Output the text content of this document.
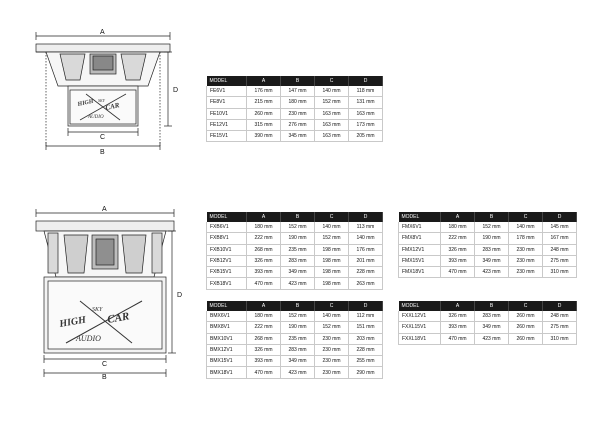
A
D
C
B
HIGH SKY
CAR
AUDIO
A
D
C
B
HIGH
SKY
CAR
AUDIO
MODEL	A	B	C	D
FE6V1	176 mm	147 mm	140 mm	118 mm
FE8V1	215 mm	180 mm	152 mm	131 mm
FE10V1	260 mm	230 mm	163 mm	163 mm
FE12V1	315 mm	276 mm	163 mm	173 mm
FE15V1	390 mm	345 mm	163 mm	205 mm
MODEL	A	B	C	D
FXB6V1	180 mm	152 mm	140 mm	113 mm
FXB8V1	222 mm	190 mm	152 mm	140 mm
FXB10V1	268 mm	235 mm	198 mm	176 mm
FXB12V1	326 mm	283 mm	198 mm	201 mm
FXB15V1	393 mm	349 mm	198 mm	228 mm
FXB18V1	470 mm	423 mm	198 mm	263 mm
MODEL	A	B	C	D
FMX6V1	180 mm	152 mm	140 mm	145 mm
FMX8V1	222 mm	190 mm	178 mm	167 mm
FMX12V1	326 mm	283 mm	230 mm	248 mm
FMX15V1	393 mm	349 mm	230 mm	275 mm
FMX18V1	470 mm	423 mm	230 mm	310 mm
MODEL	A	B	C	D
BMX6V1	180 mm	152 mm	140 mm	112 mm
BMX8V1	222 mm	190 mm	152 mm	151 mm
BMX10V1	268 mm	235 mm	230 mm	203 mm
BMX12V1	326 mm	283 mm	230 mm	228 mm
BMX15V1	393 mm	349 mm	230 mm	255 mm
BMX18V1	470 mm	423 mm	230 mm	290 mm
MODEL	A	B	C	D
FXXL12V1	326 mm	283 mm	260 mm	248 mm
FXXL15V1	393 mm	349 mm	260 mm	275 mm
FXXL18V1	470 mm	423 mm	260 mm	310 mm
